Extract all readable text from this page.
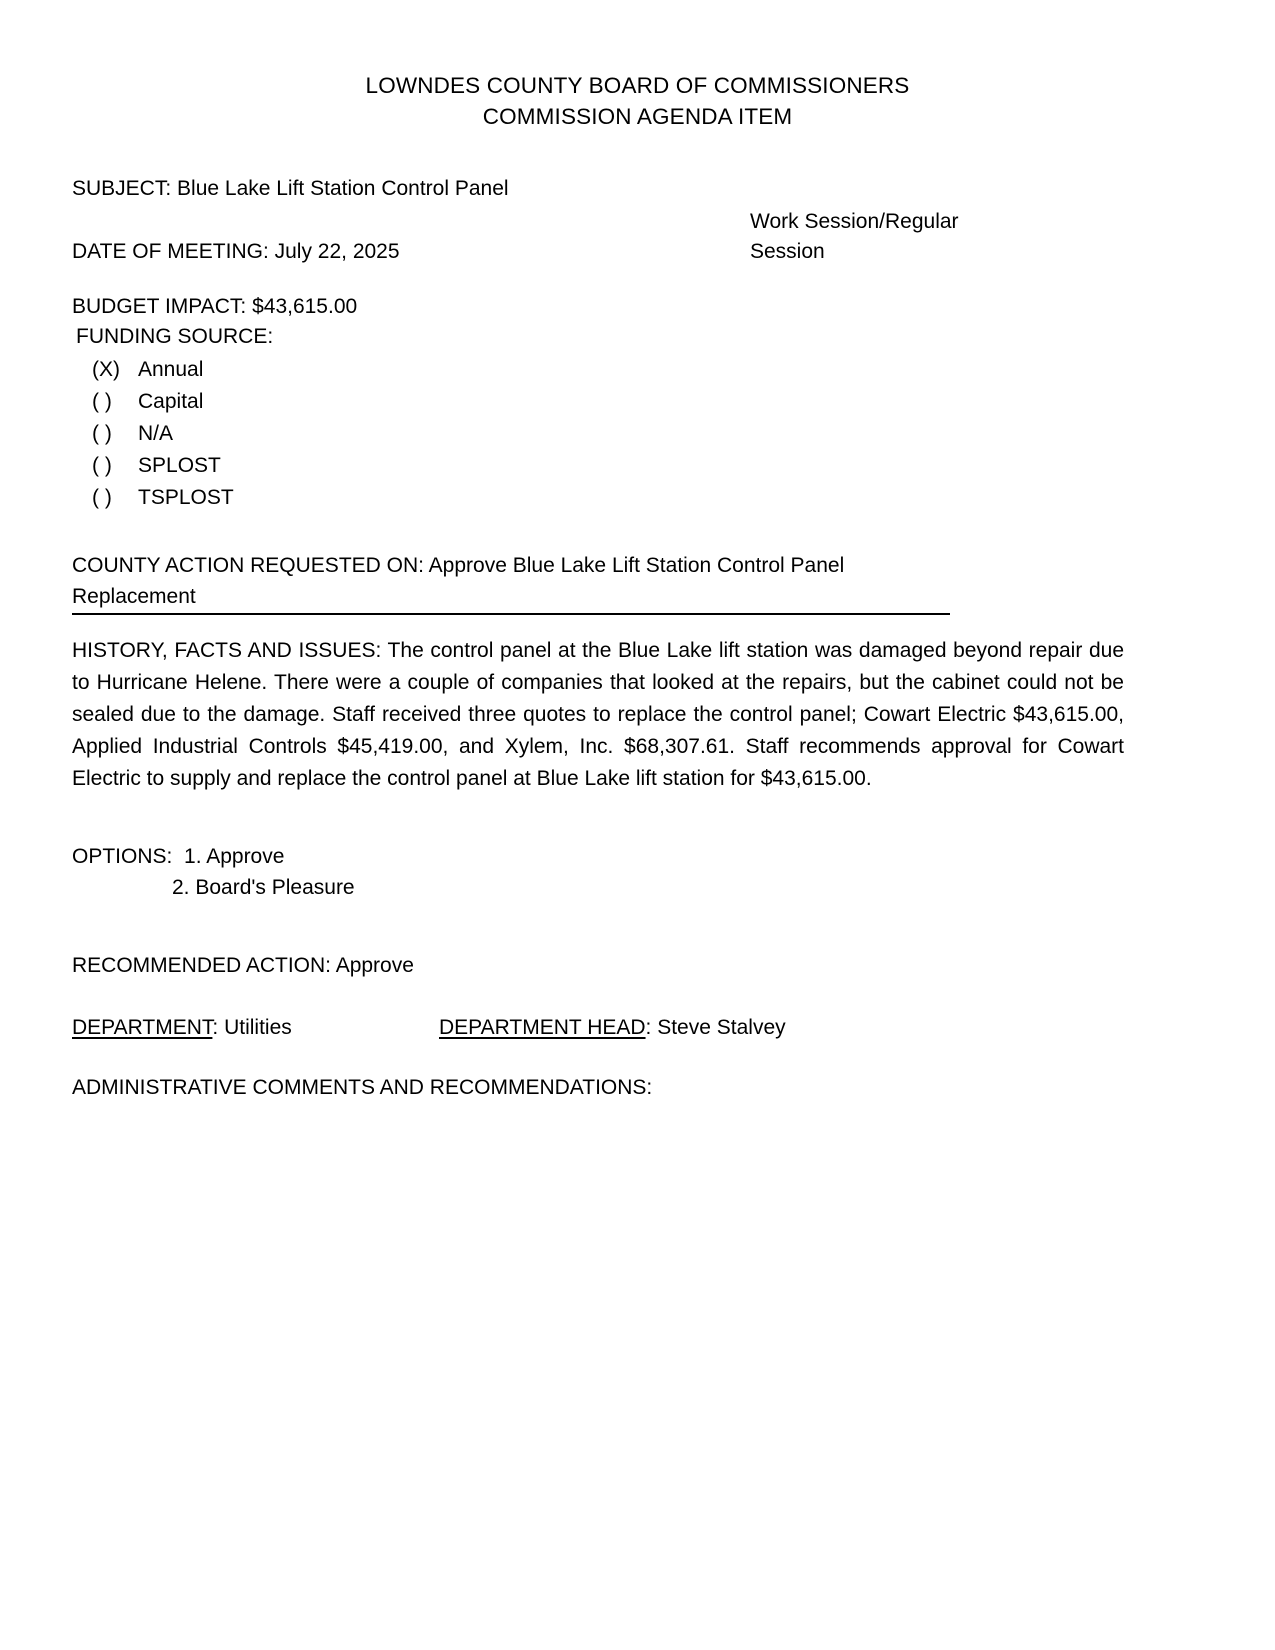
LOWNDES COUNTY BOARD OF COMMISSIONERS
COMMISSION AGENDA ITEM
SUBJECT: Blue Lake Lift Station Control Panel
DATE OF MEETING: July 22, 2025
Work Session/Regular Session
BUDGET IMPACT: $43,615.00
FUNDING SOURCE:
(X) Annual
( )	Capital
( )	N/A
( )	SPLOST
( )	TSPLOST
COUNTY ACTION REQUESTED ON: Approve Blue Lake Lift Station Control Panel Replacement
HISTORY, FACTS AND ISSUES: The control panel at the Blue Lake lift station was damaged beyond repair due to Hurricane Helene. There were a couple of companies that looked at the repairs, but the cabinet could not be sealed due to the damage. Staff received three quotes to replace the control panel; Cowart Electric $43,615.00, Applied Industrial Controls $45,419.00, and Xylem, Inc. $68,307.61. Staff recommends approval for Cowart Electric to supply and replace the control panel at Blue Lake lift station for $43,615.00.
OPTIONS:  1. Approve
2. Board's Pleasure
RECOMMENDED ACTION: Approve
DEPARTMENT: Utilities	DEPARTMENT HEAD: Steve Stalvey
ADMINISTRATIVE COMMENTS AND RECOMMENDATIONS:
